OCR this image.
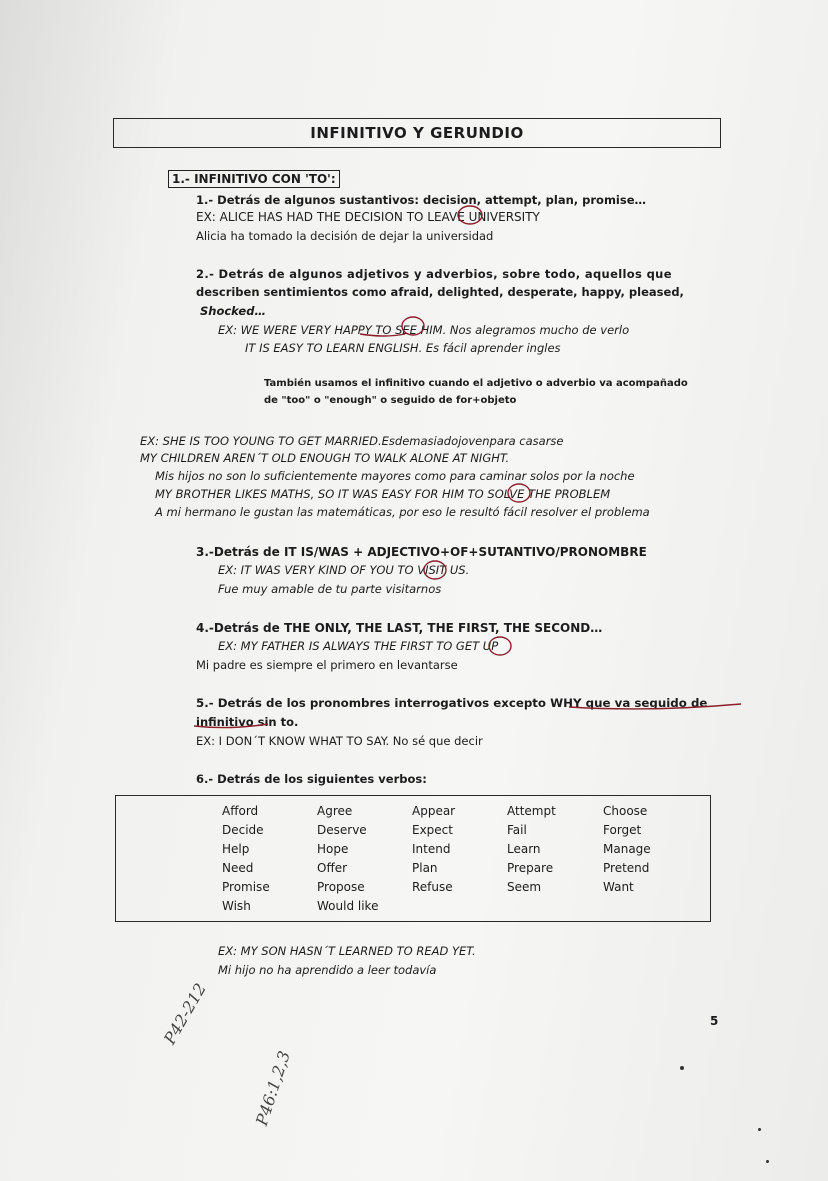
INFINITIVO Y GERUNDIO
1.- INFINITIVO CON 'TO':
1.- Detrás de algunos sustantivos: decision, attempt, plan, promise…
EX: ALICE HAS HAD THE DECISION TO LEAVE UNIVERSITY
Alicia ha tomado la decisión de dejar la universidad
2.- Detrás de algunos adjetivos y adverbios, sobre todo, aquellos que
describen sentimientos como afraid, delighted, desperate, happy, pleased,
Shocked…
EX: WE WERE VERY HAPPY TO SEE HIM. Nos alegramos mucho de verlo
IT IS EASY TO LEARN ENGLISH. Es fácil aprender ingles
También usamos el infinitivo cuando el adjetivo o adverbio va acompañado
de "too" o "enough" o seguido de for+objeto
EX: SHE IS TOO YOUNG TO GET MARRIED.Esdemasiadojovenpara casarse
MY CHILDREN AREN´T OLD ENOUGH TO WALK ALONE AT NIGHT.
Mis hijos no son lo suficientemente mayores como para caminar solos por la noche
MY BROTHER LIKES MATHS, SO IT WAS EASY FOR HIM TO SOLVE THE PROBLEM
A mi hermano le gustan las matemáticas, por eso le resultó fácil resolver el problema
3.-Detrás de IT IS/WAS + ADJECTIVO+OF+SUTANTIVO/PRONOMBRE
EX: IT WAS VERY KIND OF YOU TO VISIT US.
Fue muy amable de tu parte visitarnos
4.-Detrás de THE ONLY, THE LAST, THE FIRST, THE SECOND…
EX: MY FATHER IS ALWAYS THE FIRST TO GET UP
Mi padre es siempre el primero en levantarse
5.- Detrás de los pronombres interrogativos excepto WHY que va seguido de
infinitivo sin to.
EX: I DON´T KNOW WHAT TO SAY. No sé que decir
6.- Detrás de los siguientes verbos:
Afford	Agree	Appear	Attempt	Choose
Decide	Deserve	Expect	Fail	Forget
Help	Hope	Intend	Learn	Manage
Need	Offer	Plan	Prepare	Pretend
Promise	Propose	Refuse	Seem	Want
Wish	Would like
EX: MY SON HASN´T LEARNED TO READ YET.
Mi hijo no ha aprendido a leer todavía
5
P42-212
P46:1,2,3
